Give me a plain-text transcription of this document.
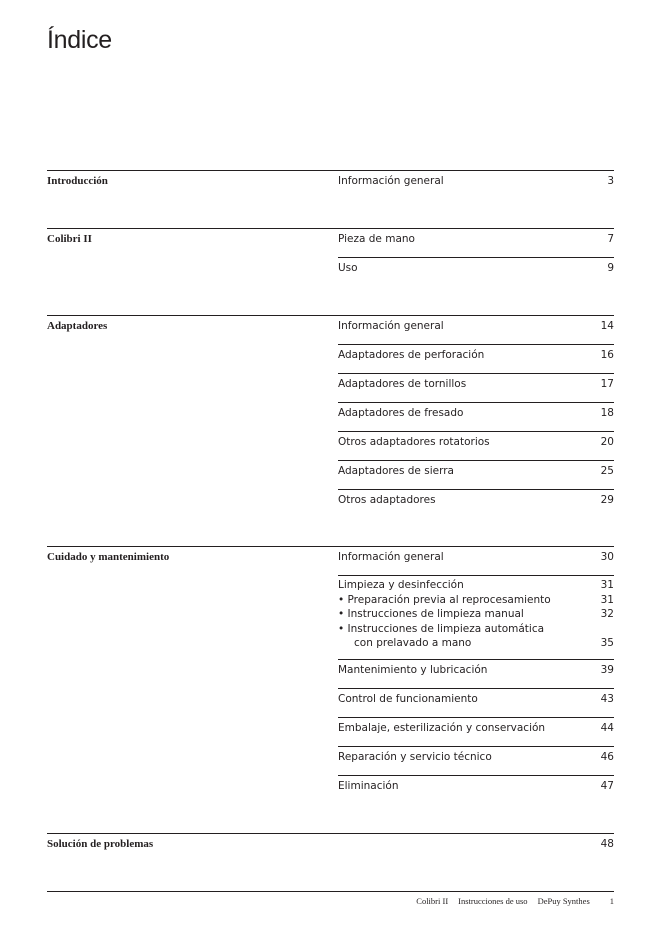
Índice
Introducción	Información general	3
Colibri II	Pieza de mano	7
Uso	9
Adaptadores	Información general	14
Adaptadores de perforación	16
Adaptadores de tornillos	17
Adaptadores de fresado	18
Otros adaptadores rotatorios	20
Adaptadores de sierra	25
Otros adaptadores	29
Cuidado y mantenimiento	Información general	30
Limpieza y desinfección	31
• Preparación previa al reprocesamiento	31
• Instrucciones de limpieza manual	32
• Instrucciones de limpieza automática
con prelavado a mano	35
Mantenimiento y lubricación	39
Control de funcionamiento	43
Embalaje, esterilización y conservación	44
Reparación y servicio técnico	46
Eliminación	47
Solución de problemas	48
Colibri II Instrucciones de uso DePuy Synthes 1
